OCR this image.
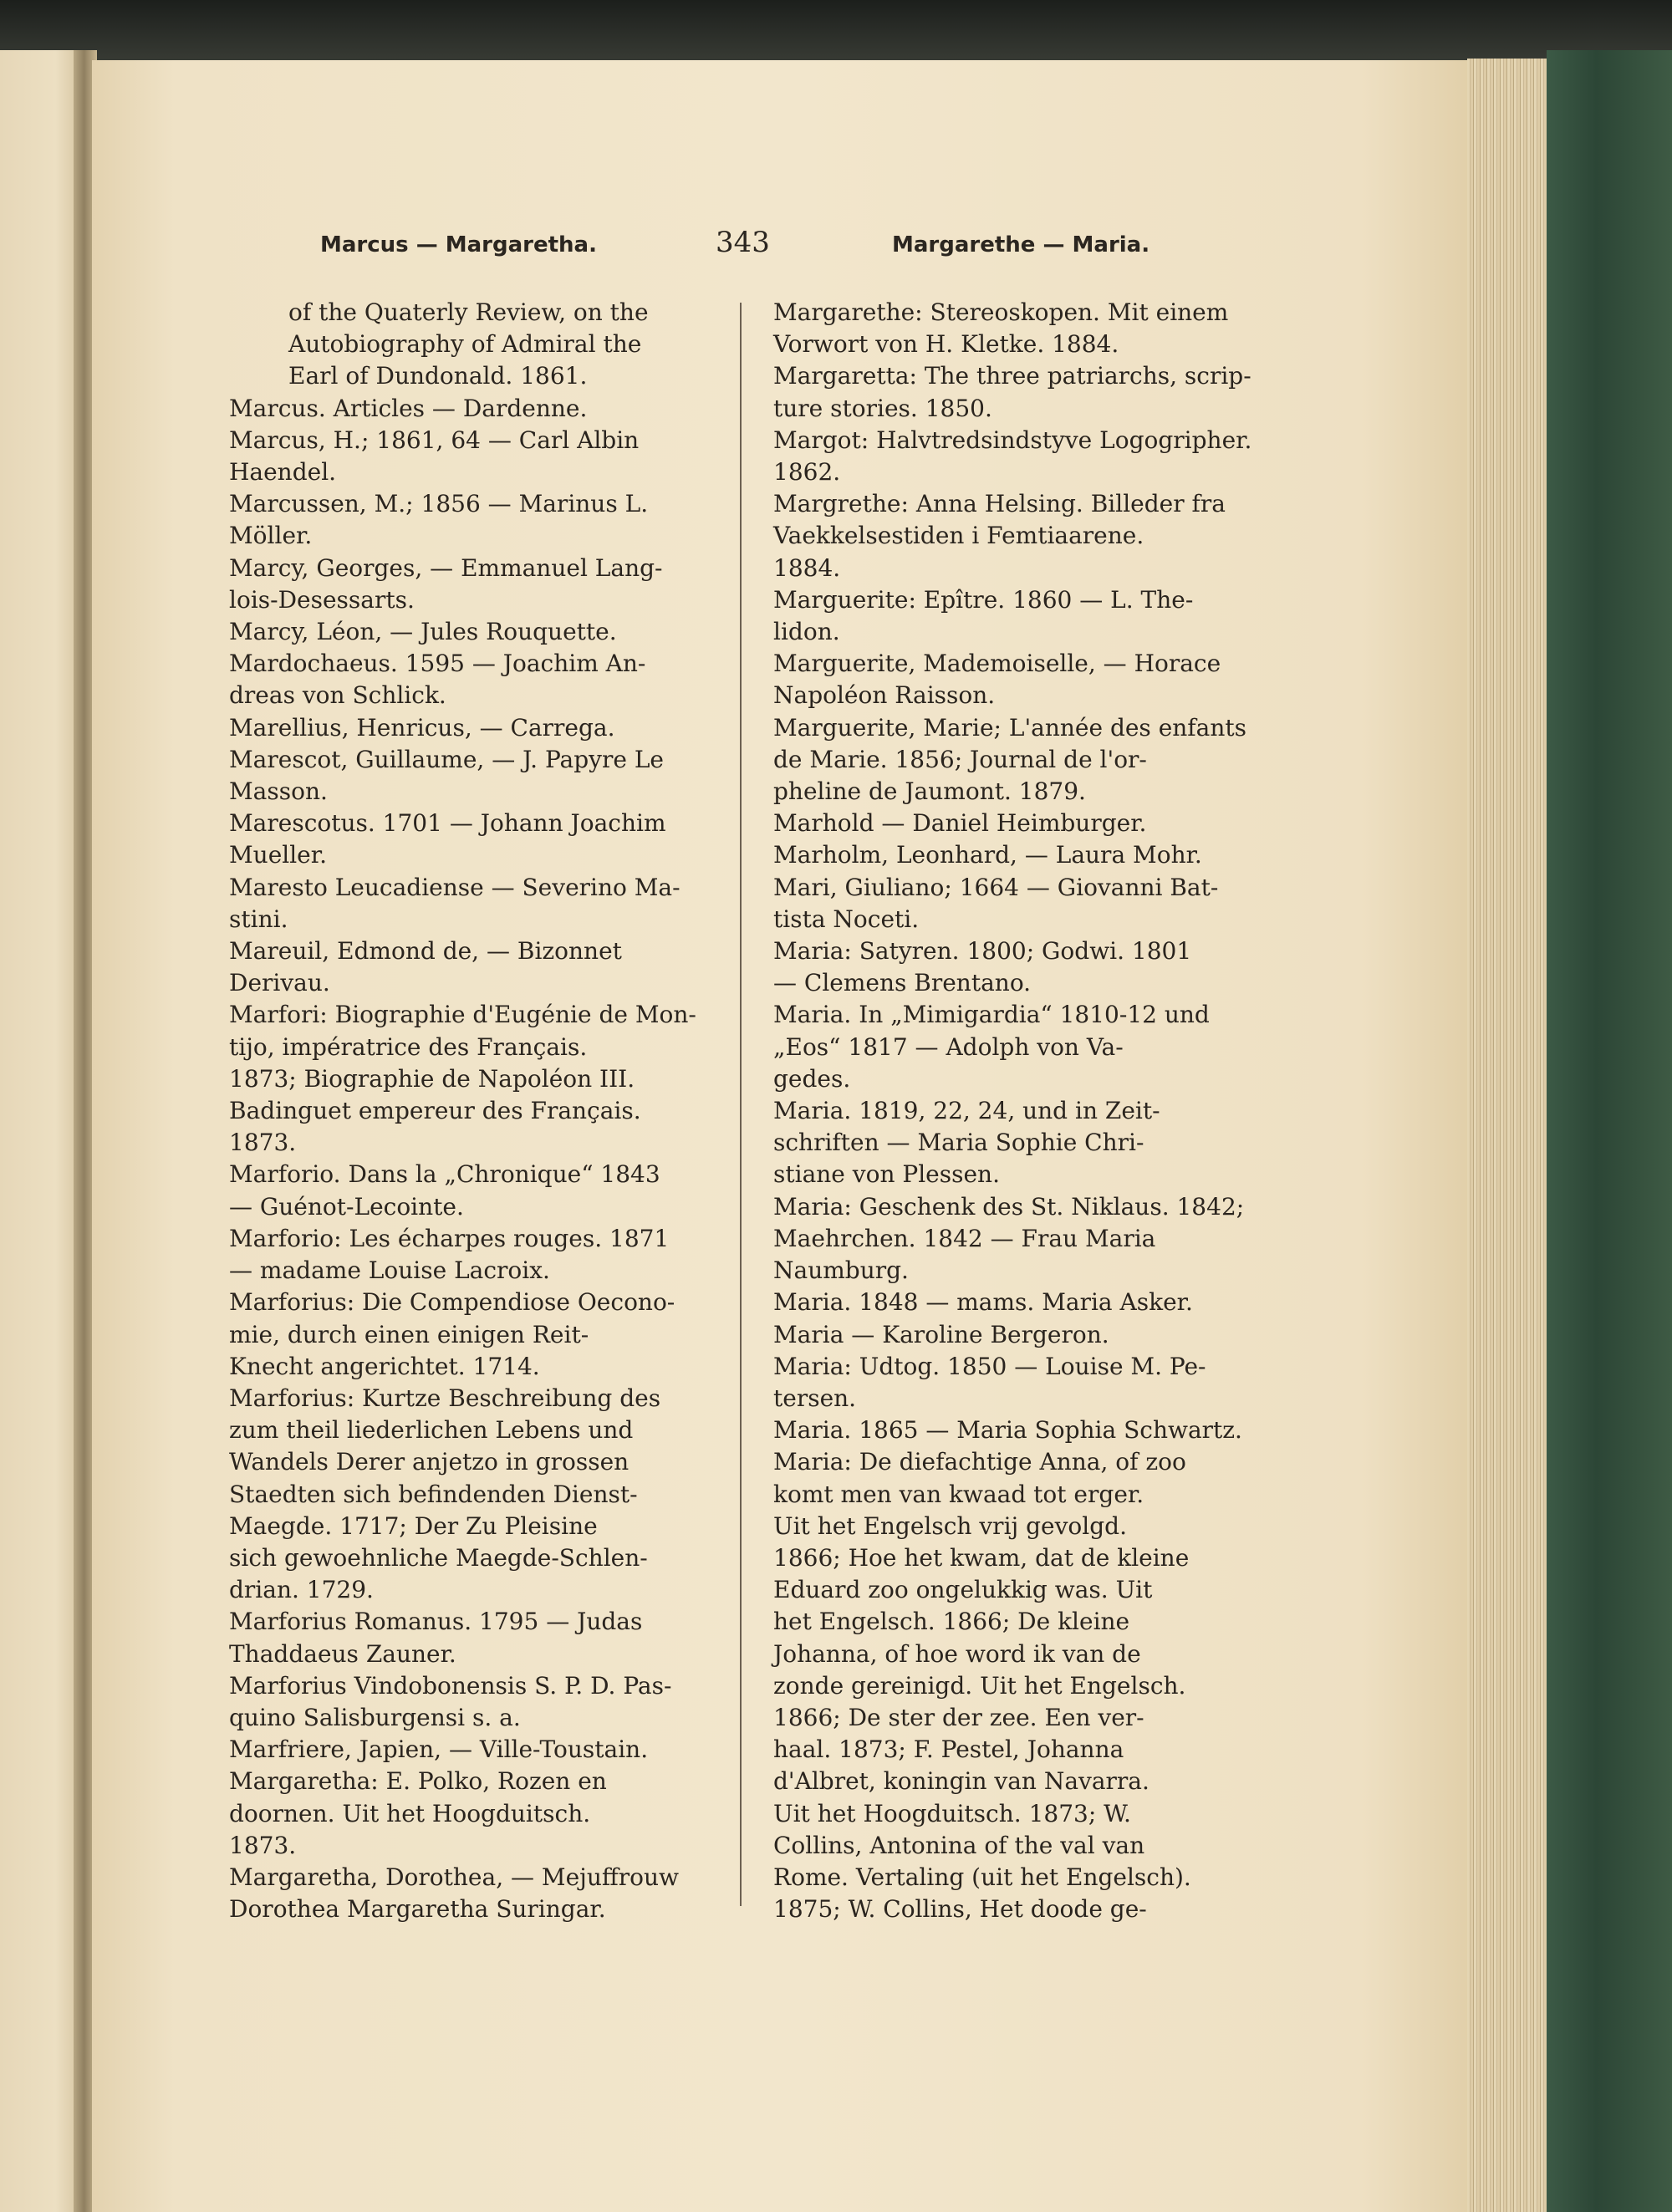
Marcus — Margaretha.	343	Margarethe — Maria.

of the Quaterly Review, on the
Autobiography of Admiral the
Earl of Dundonald. 1861.

Marcus. Articles — Dardenne.

Marcus, H.; 1861, 64 — Carl Albin
Haendel.

Marcussen, M.; 1856 — Marinus L.
Möller.

Marcy, Georges, — Emmanuel Lang-
lois-Desessarts.

Marcy, Léon, — Jules Rouquette.

Mardochaeus. 1595 — Joachim An-
dreas von Schlick.

Marellius, Henricus, — Carrega.

Marescot, Guillaume, — J. Papyre Le
Masson.

Marescotus. 1701 — Johann Joachim
Mueller.

Maresto Leucadiense — Severino Ma-
stini.

Mareuil, Edmond de, — Bizonnet
Derivau.

Marfori: Biographie d'Eugénie de Mon-
tijo, impératrice des Français.
1873; Biographie de Napoléon III.
Badinguet empereur des Français.
1873.

Marforio. Dans la „Chronique“ 1843
— Guénot-Lecointe.

Marforio: Les écharpes rouges. 1871
— madame Louise Lacroix.

Marforius: Die Compendiose Oecono-
mie, durch einen einigen Reit-
Knecht angerichtet. 1714.

Marforius: Kurtze Beschreibung des
zum theil liederlichen Lebens und
Wandels Derer anjetzo in grossen
Staedten sich befindenden Dienst-
Maegde. 1717; Der Zu Pleisine
sich gewoehnliche Maegde-Schlen-
drian. 1729.

Marforius Romanus. 1795 — Judas
Thaddaeus Zauner.

Marforius Vindobonensis S. P. D. Pas-
quino Salisburgensi s. a.

Marfriere, Japien, — Ville-Toustain.

Margaretha: E. Polko, Rozen en
doornen. Uit het Hoogduitsch.
1873.

Margaretha, Dorothea, — Mejuffrouw
Dorothea Margaretha Suringar.

Margarethe: Stereoskopen. Mit einem
Vorwort von H. Kletke. 1884.

Margaretta: The three patriarchs, scrip-
ture stories. 1850.

Margot: Halvtredsindstyve Logogripher.
1862.

Margrethe: Anna Helsing. Billeder fra
Vaekkelsestiden i Femtiaarene.
1884.

Marguerite: Epître. 1860 — L. The-
lidon.

Marguerite, Mademoiselle, — Horace
Napoléon Raisson.

Marguerite, Marie; L'année des enfants
de Marie. 1856; Journal de l'or-
pheline de Jaumont. 1879.

Marhold — Daniel Heimburger.

Marholm, Leonhard, — Laura Mohr.

Mari, Giuliano; 1664 — Giovanni Bat-
tista Noceti.

Maria: Satyren. 1800; Godwi. 1801
— Clemens Brentano.

Maria. In „Mimigardia“ 1810-12 und
„Eos“ 1817 — Adolph von Va-
gedes.

Maria. 1819, 22, 24, und in Zeit-
schriften — Maria Sophie Chri-
stiane von Plessen.

Maria: Geschenk des St. Niklaus. 1842;
Maehrchen. 1842 — Frau Maria
Naumburg.

Maria. 1848 — mams. Maria Asker.

Maria — Karoline Bergeron.

Maria: Udtog. 1850 — Louise M. Pe-
tersen.

Maria. 1865 — Maria Sophia Schwartz.

Maria: De diefachtige Anna, of zoo
komt men van kwaad tot erger.
Uit het Engelsch vrij gevolgd.
1866; Hoe het kwam, dat de kleine
Eduard zoo ongelukkig was. Uit
het Engelsch. 1866; De kleine
Johanna, of hoe word ik van de
zonde gereinigd. Uit het Engelsch.
1866; De ster der zee. Een ver-
haal. 1873; F. Pestel, Johanna
d'Albret, koningin van Navarra.
Uit het Hoogduitsch. 1873; W.
Collins, Antonina of the val van
Rome. Vertaling (uit het Engelsch).
1875; W. Collins, Het doode ge-
